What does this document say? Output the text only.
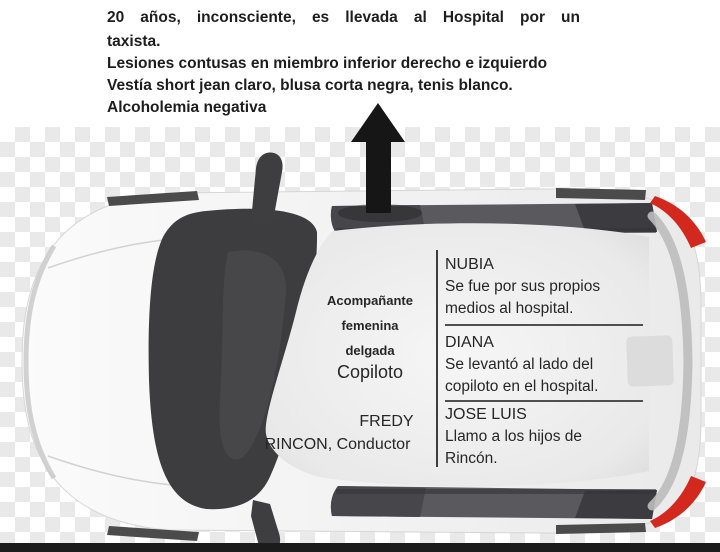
20 años, inconsciente, es llevada al Hospital por un
taxista.
Lesiones contusas en miembro inferior derecho e izquierdo
Vestía short jean claro, blusa corta negra, tenis blanco.
Alcoholemia negativa
Acompañante
femenina
delgada
Copiloto
FREDY
RINCON, Conductor
NUBIA
Se fue por sus propios medios al hospital.
DIANA
Se levantó al lado del copiloto en el hospital.
JOSE LUIS
Llamo a los hijos de Rincón.
